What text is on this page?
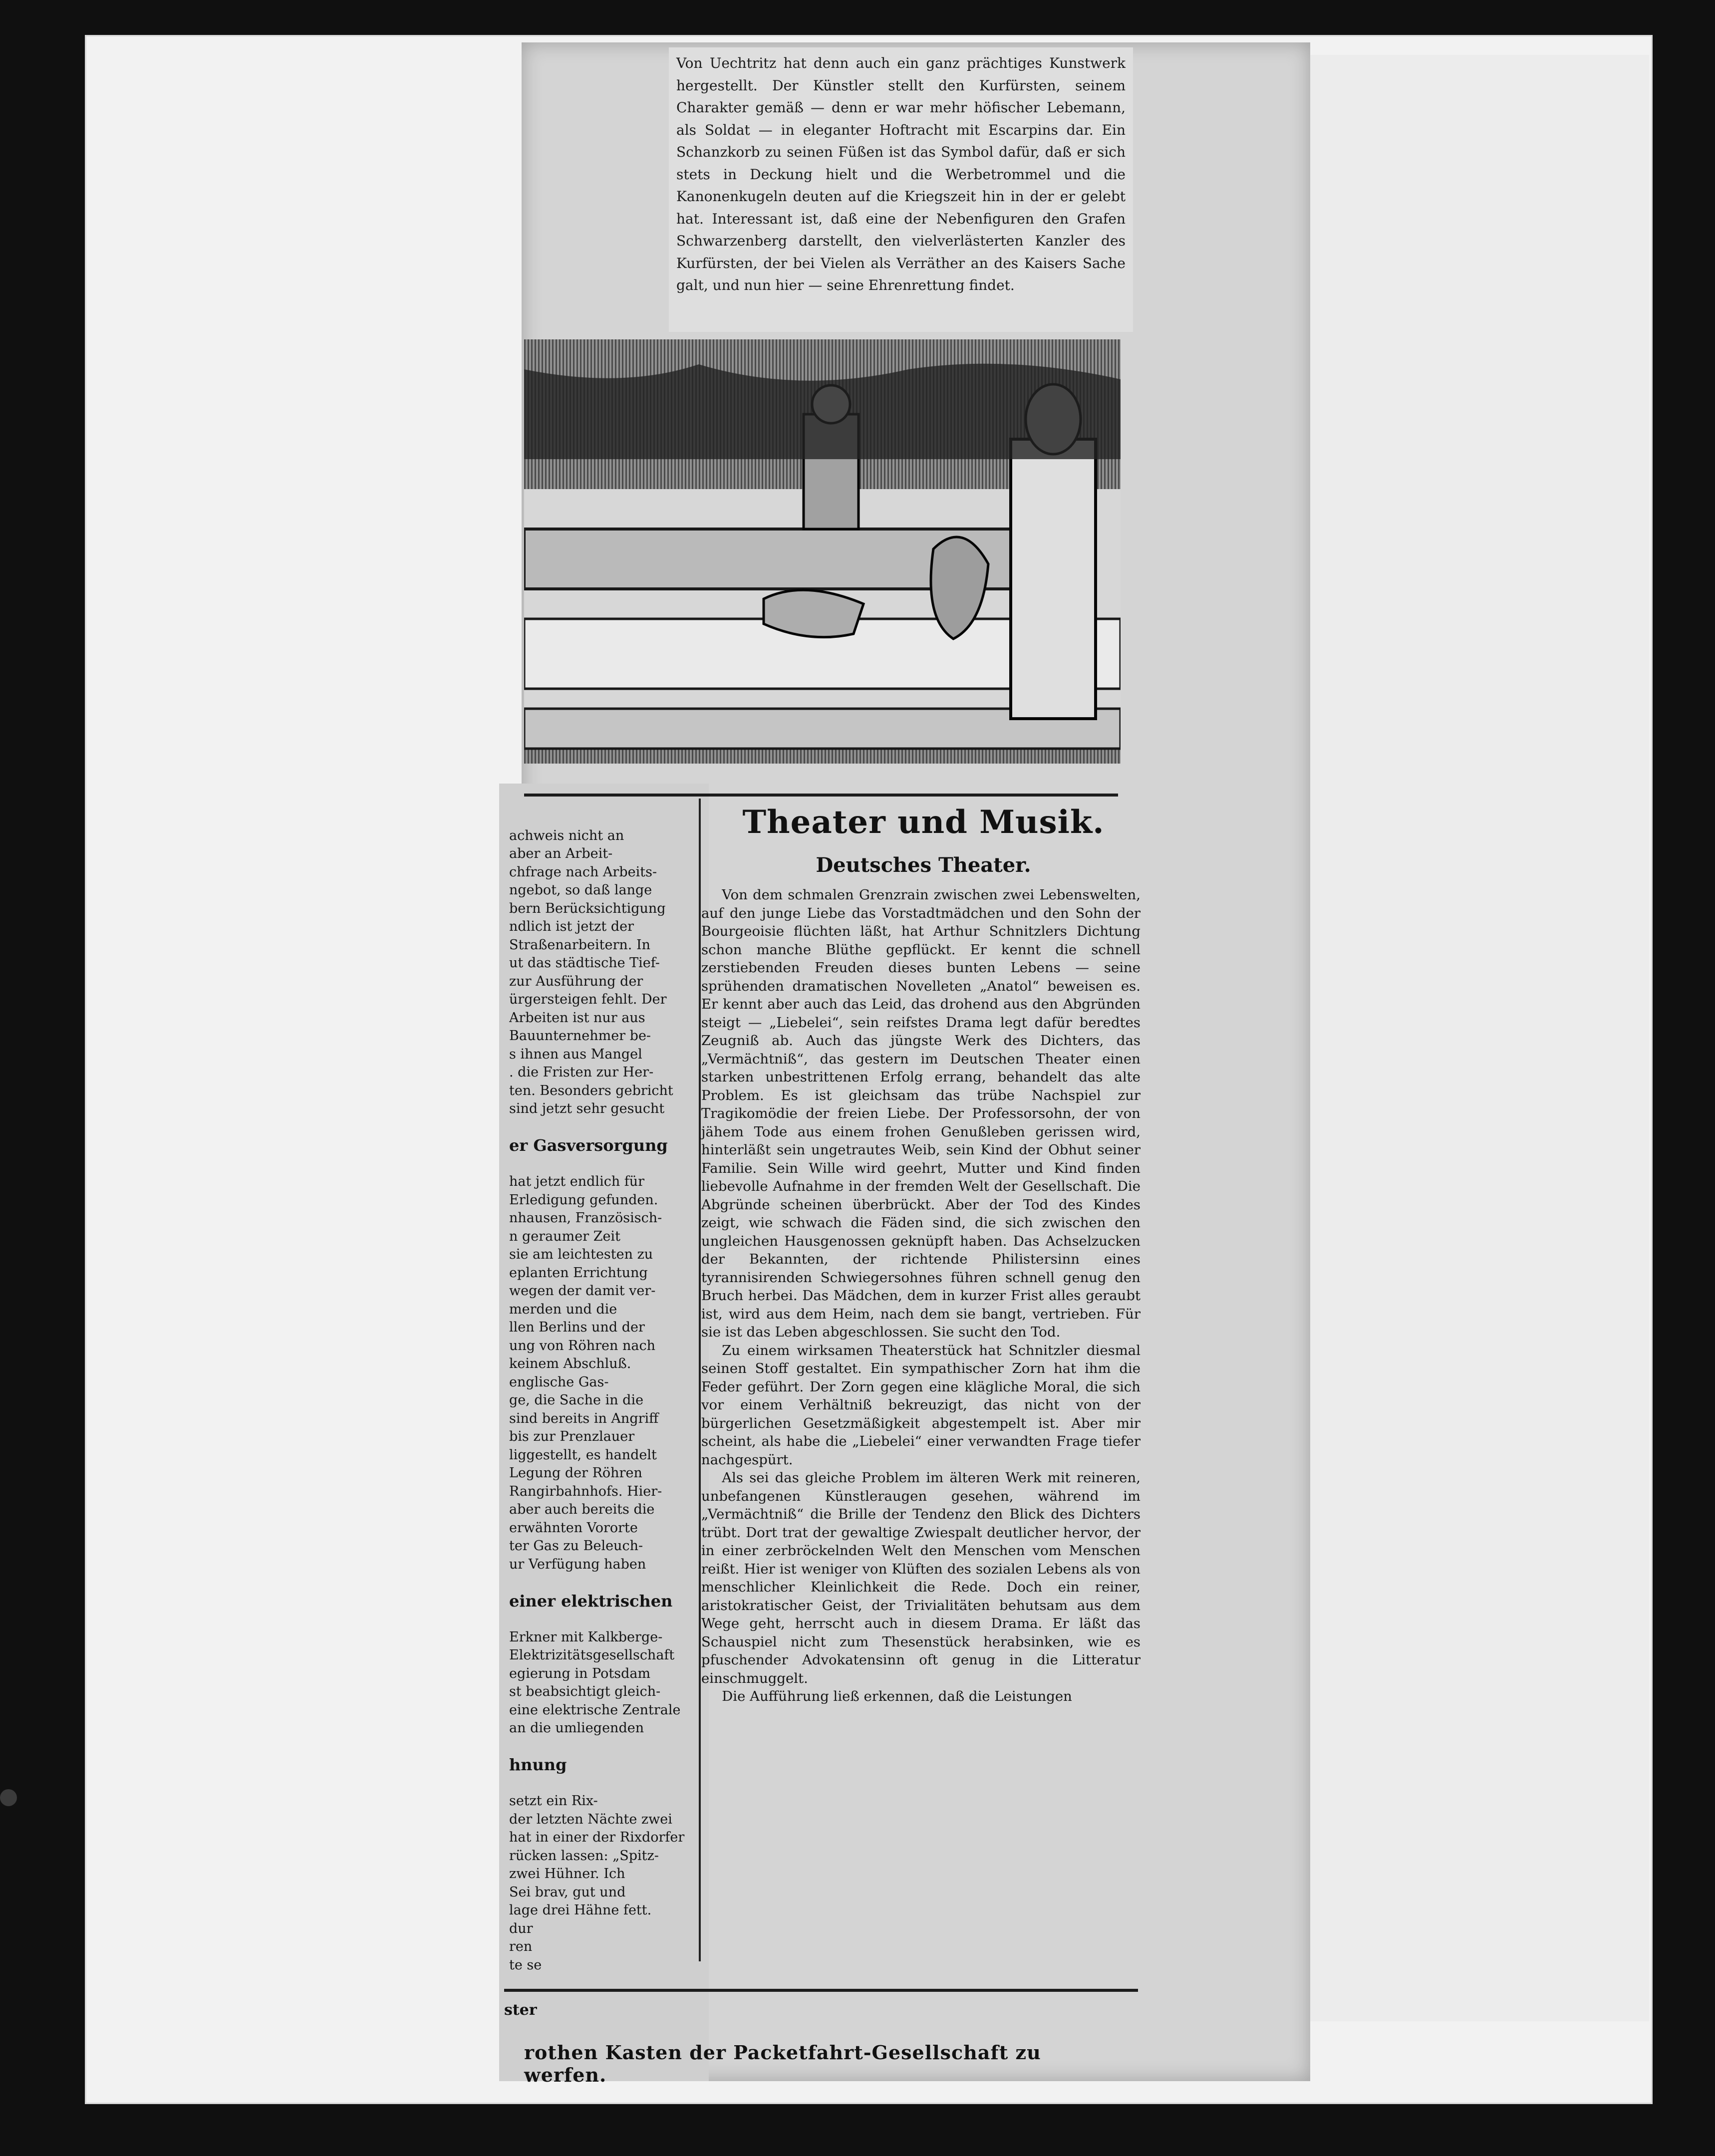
Von Uechtritz hat denn auch ein ganz prächtiges Kunstwerk hergestellt. Der Künstler stellt den Kurfürsten, seinem Charakter gemäß — denn er war mehr höfischer Lebemann, als Soldat — in eleganter Hoftracht mit Escarpins dar. Ein Schanzkorb zu seinen Füßen ist das Symbol dafür, daß er sich stets in Deckung hielt und die Werbetrommel und die Kanonenkugeln deuten auf die Kriegszeit hin in der er gelebt hat. Interessant ist, daß eine der Nebenfiguren den Grafen Schwarzenberg darstellt, den vielverlästerten Kanzler des Kurfürsten, der bei Vielen als Verräther an des Kaisers Sache galt, und nun hier — seine Ehrenrettung findet.

Theater und Musik.
Deutsches Theater.

Von dem schmalen Grenzrain zwischen zwei Lebenswelten, auf den junge Liebe das Vorstadtmädchen und den Sohn der Bourgeoisie flüchten läßt, hat Arthur Schnitzlers Dichtung schon manche Blüthe gepflückt. Er kennt die schnell zerstiebenden Freuden dieses bunten Lebens — seine sprühenden dramatischen Novelleten „Anatol“ beweisen es. Er kennt aber auch das Leid, das drohend aus den Abgründen steigt — „Liebelei“, sein reifstes Drama legt dafür beredtes Zeugniß ab. Auch das jüngste Werk des Dichters, das „Vermächtniß“, das gestern im Deutschen Theater einen starken unbestrittenen Erfolg errang, behandelt das alte Problem. Es ist gleichsam das trübe Nachspiel zur Tragikomödie der freien Liebe. Der Professorsohn, der von jähem Tode aus einem frohen Genußleben gerissen wird, hinterläßt sein ungetrautes Weib, sein Kind der Obhut seiner Familie. Sein Wille wird geehrt, Mutter und Kind finden liebevolle Aufnahme in der fremden Welt der Gesellschaft. Die Abgründe scheinen überbrückt. Aber der Tod des Kindes zeigt, wie schwach die Fäden sind, die sich zwischen den ungleichen Hausgenossen geknüpft haben. Das Achselzucken der Bekannten, der richtende Philistersinn eines tyrannisirenden Schwiegersohnes führen schnell genug den Bruch herbei. Das Mädchen, dem in kurzer Frist alles geraubt ist, wird aus dem Heim, nach dem sie bangt, vertrieben. Für sie ist das Leben abgeschlossen. Sie sucht den Tod.

Zu einem wirksamen Theaterstück hat Schnitzler diesmal seinen Stoff gestaltet. Ein sympathischer Zorn hat ihm die Feder geführt. Der Zorn gegen eine klägliche Moral, die sich vor einem Verhältniß bekreuzigt, das nicht von der bürgerlichen Gesetzmäßigkeit abgestempelt ist. Aber mir scheint, als habe die „Liebelei“ einer verwandten Frage tiefer nachgespürt.

Als sei das gleiche Problem im älteren Werk mit reineren, unbefangenen Künstleraugen gesehen, während im „Vermächtniß“ die Brille der Tendenz den Blick des Dichters trübt. Dort trat der gewaltige Zwiespalt deutlicher hervor, der in einer zerbröckelnden Welt den Menschen vom Menschen reißt. Hier ist weniger von Klüften des sozialen Lebens als von menschlicher Kleinlichkeit die Rede. Doch ein reiner, aristokratischer Geist, der Trivialitäten behutsam aus dem Wege geht, herrscht auch in diesem Drama. Er läßt das Schauspiel nicht zum Thesenstück herabsinken, wie es pfuschender Advokatensinn oft genug in die Litteratur einschmuggelt.

Die Aufführung ließ erkennen, daß die Leistungen

achweis nicht an
aber an Arbeit-
chfrage nach Arbeits-
ngebot, so daß lange
bern Berücksichtigung
ndlich ist jetzt der
Straßenarbeitern. In
ut das städtische Tief-
zur Ausführung der
ürgersteigen fehlt. Der
Arbeiten ist nur aus
Bauunternehmer be-
s ihnen aus Mangel
. die Fristen zur Her-
ten. Besonders gebricht
sind jetzt sehr gesucht

er Gasversorgung

hat jetzt endlich für
Erledigung gefunden.
nhausen, Französisch-
n geraumer Zeit
sie am leichtesten zu
eplanten Errichtung
wegen der damit ver-
merden und die
llen Berlins und der
ung von Röhren nach
keinem Abschluß.
englische Gas-
ge, die Sache in die
sind bereits in Angriff
bis zur Prenzlauer
liggestellt, es handelt
Legung der Röhren
Rangirbahnhofs. Hier-
aber auch bereits die
erwähnten Vororte
ter Gas zu Beleuch-
ur Verfügung haben

einer elektrischen

Erkner mit Kalkberge-
Elektrizitätsgesellschaft
egierung in Potsdam
st beabsichtigt gleich-
eine elektrische Zentrale
an die umliegenden

hnung

setzt ein Rix-
der letzten Nächte zwei
hat in einer der Rixdorfer
rücken lassen: „Spitz-
zwei Hühner. Ich
Sei brav, gut und
lage drei Hähne fett.
dur
ren
te se

ster
rothen Kasten der Packetfahrt-Gesellschaft zu werfen.
